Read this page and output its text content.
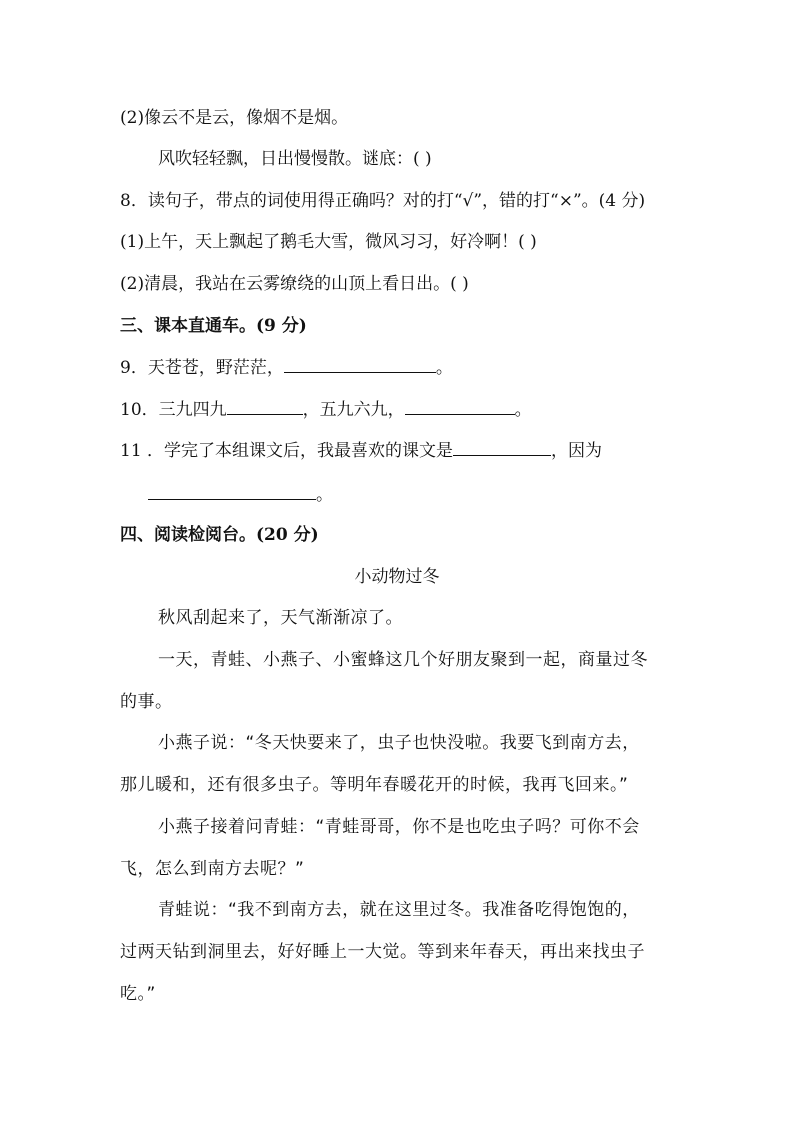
(2)像云不是云，像烟不是烟。
风吹轻轻飘，日出慢慢散。谜底：( )
8．读句子，带点的词使用得正确吗？对的打“√”，错的打“×”。(4 分)
(1)上午，天上飘起了鹅毛大雪，微风习习，好冷啊！( )
(2)清晨，我站在云雾缭绕的山顶上看日出。( )
三、课本直通车。(9 分)
9．天苍苍，野茫茫，	。
10．三九四九	，五九六九，	。
11 ．学完了本组课文后，我最喜欢的课文是	，因为
。
四、阅读检阅台。(20 分)
小动物过冬
秋风刮起来了，天气渐渐凉了。
一天，青蛙、小燕子、小蜜蜂这几个好朋友聚到一起，商量过冬
的事。
小燕子说：“冬天快要来了，虫子也快没啦。我要飞到南方去，
那儿暖和，还有很多虫子。等明年春暖花开的时候，我再飞回来。”
小燕子接着问青蛙：“青蛙哥哥，你不是也吃虫子吗？可你不会
飞，怎么到南方去呢？”
青蛙说：“我不到南方去，就在这里过冬。我准备吃得饱饱的，
过两天钻到洞里去，好好睡上一大觉。等到来年春天，再出来找虫子
吃。”
